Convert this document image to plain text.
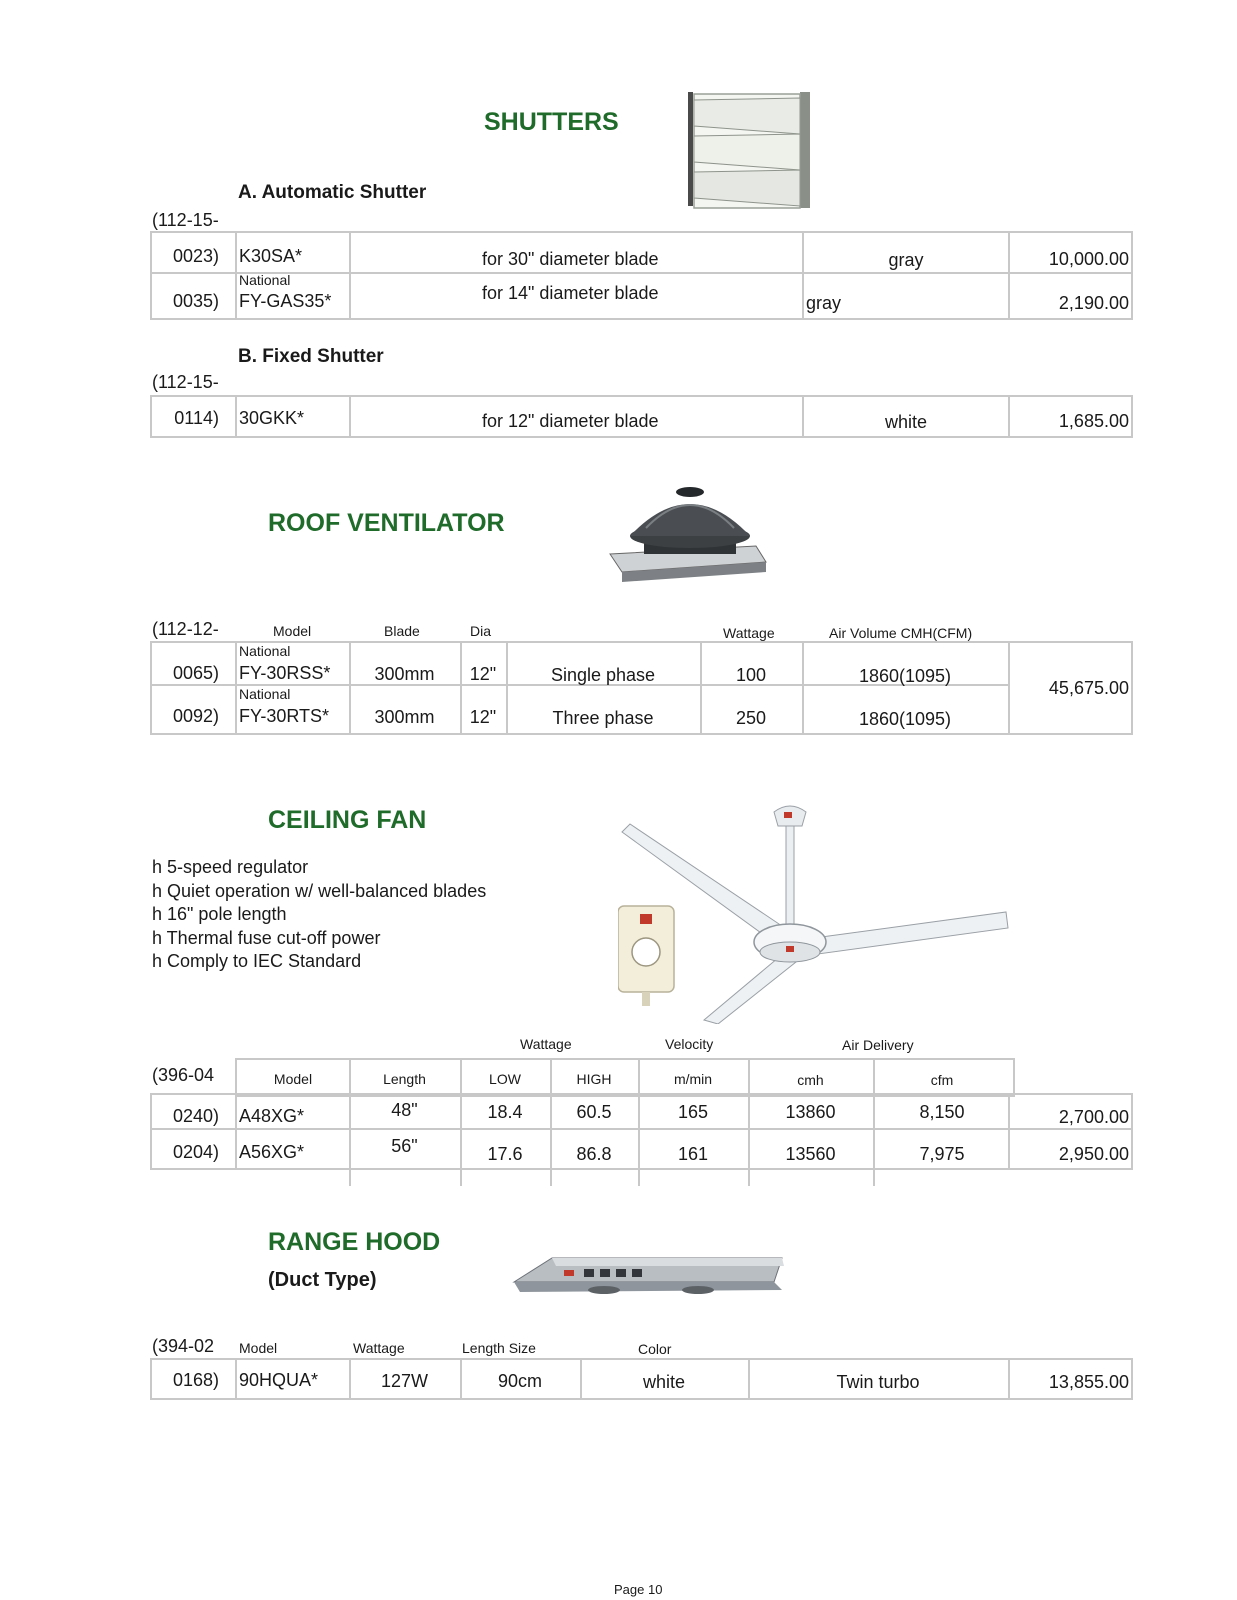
SHUTTERS
A. Automatic Shutter
(112-15-
0023) K30SA*	for 30" diameter blade	gray	10,000.00
National
0035) FY-GAS35*	for 14" diameter blade	gray	2,190.00
B. Fixed Shutter
(112-15-
0114) 30GKK*	for 12" diameter blade	white	1,685.00
ROOF VENTILATOR
(112-12-	Model	Blade	Dia	Wattage	Air Volume CMH(CFM)
National
0065) FY-30RSS*	300mm	12"	Single phase	100	1860(1095)
National
0092) FY-30RTS*	300mm	12"	Three phase	250	1860(1095)
45,675.00
CEILING FAN
h 5-speed regulator
h Quiet operation w/ well-balanced blades
h 16" pole length
h Thermal fuse cut-off power
h Comply to IEC Standard
Wattage	Velocity	Air Delivery
(396-04	Model	Length	LOW	HIGH	m/min	cmh	cfm
0240) A48XG*	48"	18.4	60.5	165	13860	8,150	2,700.00
0204) A56XG*	56"	17.6	86.8	161	13560	7,975	2,950.00
RANGE HOOD
(Duct Type)
(394-02 Model	Wattage	Length Size	Color
0168) 90HQUA*	127W	90cm	white	Twin turbo	13,855.00
Page 10
